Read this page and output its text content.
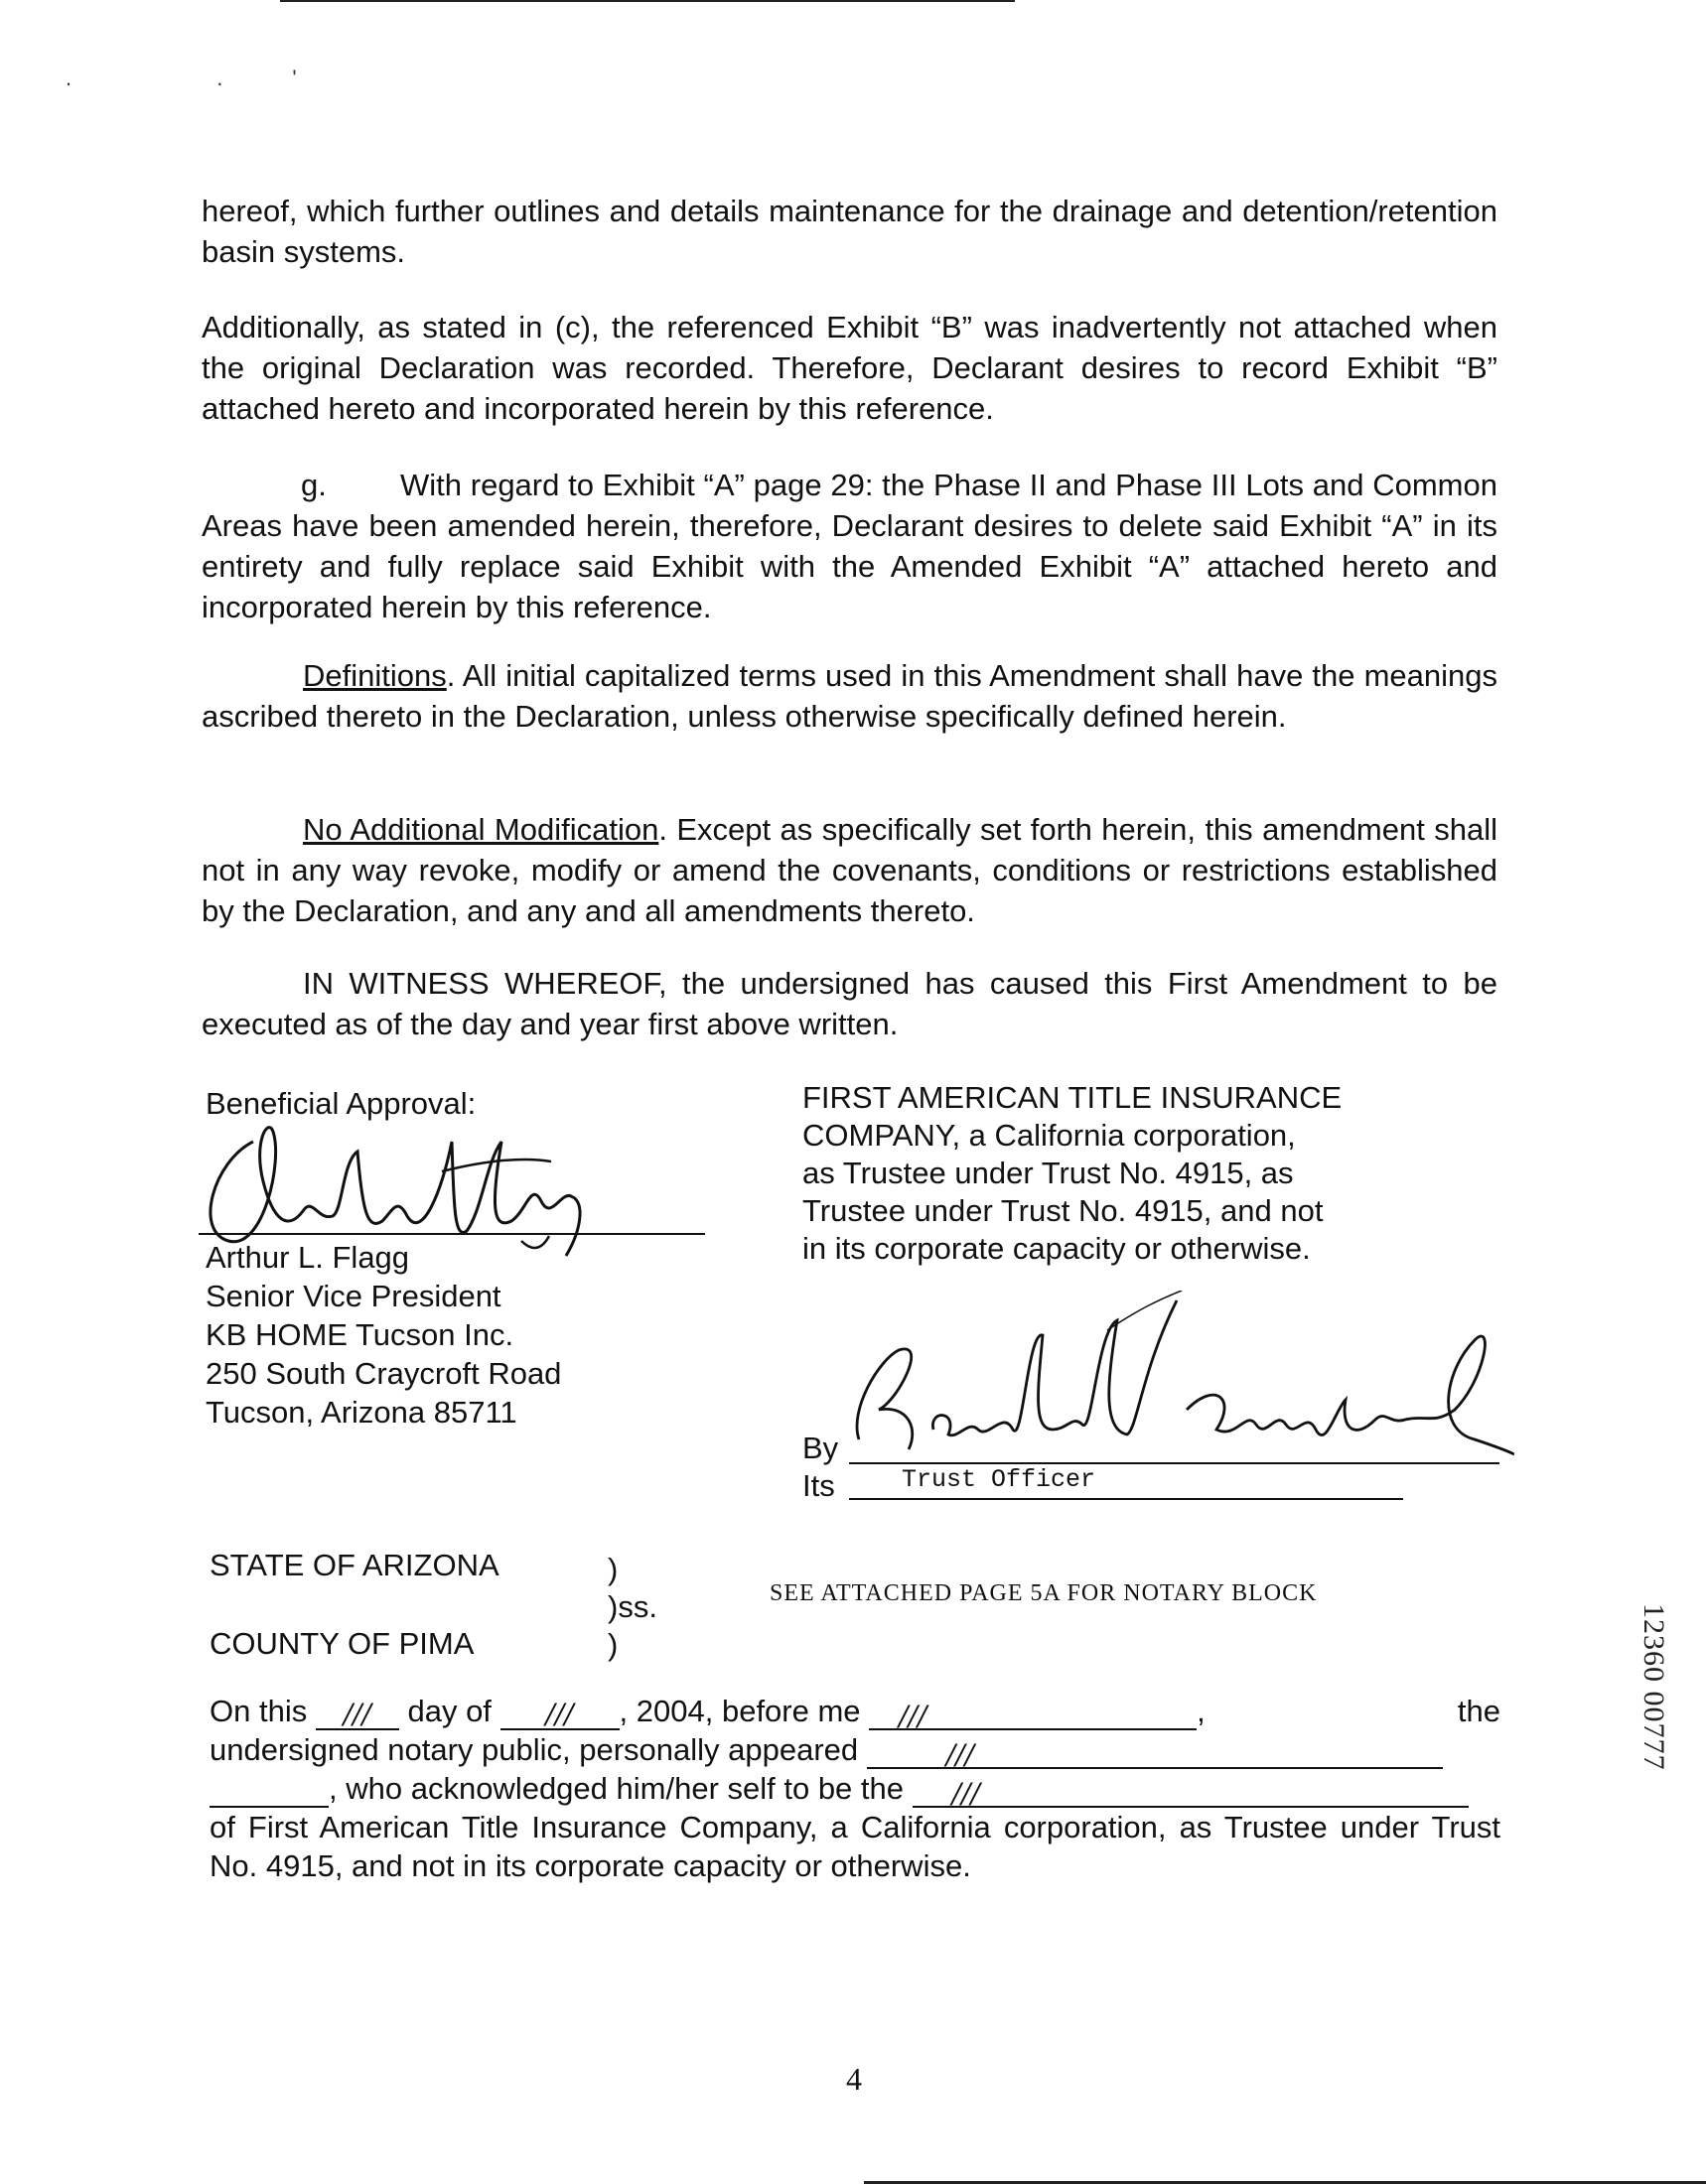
. .'
hereof, which further outlines and details maintenance for the drainage and detention/retention basin systems.
Additionally, as stated in (c), the referenced Exhibit “B” was inadvertently not attached when the original Declaration was recorded. Therefore, Declarant desires to record Exhibit “B” attached hereto and incorporated herein by this reference.
g. With regard to Exhibit “A” page 29: the Phase II and Phase III Lots and Common Areas have been amended herein, therefore, Declarant desires to delete said Exhibit “A” in its entirety and fully replace said Exhibit with the Amended Exhibit “A” attached hereto and incorporated herein by this reference.
Definitions. All initial capitalized terms used in this Amendment shall have the meanings ascribed thereto in the Declaration, unless otherwise specifically defined herein.
No Additional Modification. Except as specifically set forth herein, this amendment shall not in any way revoke, modify or amend the covenants, conditions or restrictions established by the Declaration, and any and all amendments thereto.
IN WITNESS WHEREOF, the undersigned has caused this First Amendment to be executed as of the day and year first above written.
Beneficial Approval:
Arthur L. Flagg
Senior Vice President
KB HOME Tucson Inc.
250 South Craycroft Road
Tucson, Arizona 85711
FIRST AMERICAN TITLE INSURANCE
COMPANY, a California corporation,
as Trustee under Trust No. 4915, as
Trustee under Trust No. 4915, and not
in its corporate capacity or otherwise.
By
Its	Trust Officer
STATE OF ARIZONA
COUNTY OF PIMA
)
)ss.
)
SEE ATTACHED PAGE 5A FOR NOTARY BLOCK
On this /// day of /// , 2004, before me ///	,	the
undersigned notary public, personally appeared	///
, who acknowledged him/her self to be the ///
of First American Title Insurance Company, a California corporation, as Trustee under Trust No. 4915, and not in its corporate capacity or otherwise.
12360 00777
4
